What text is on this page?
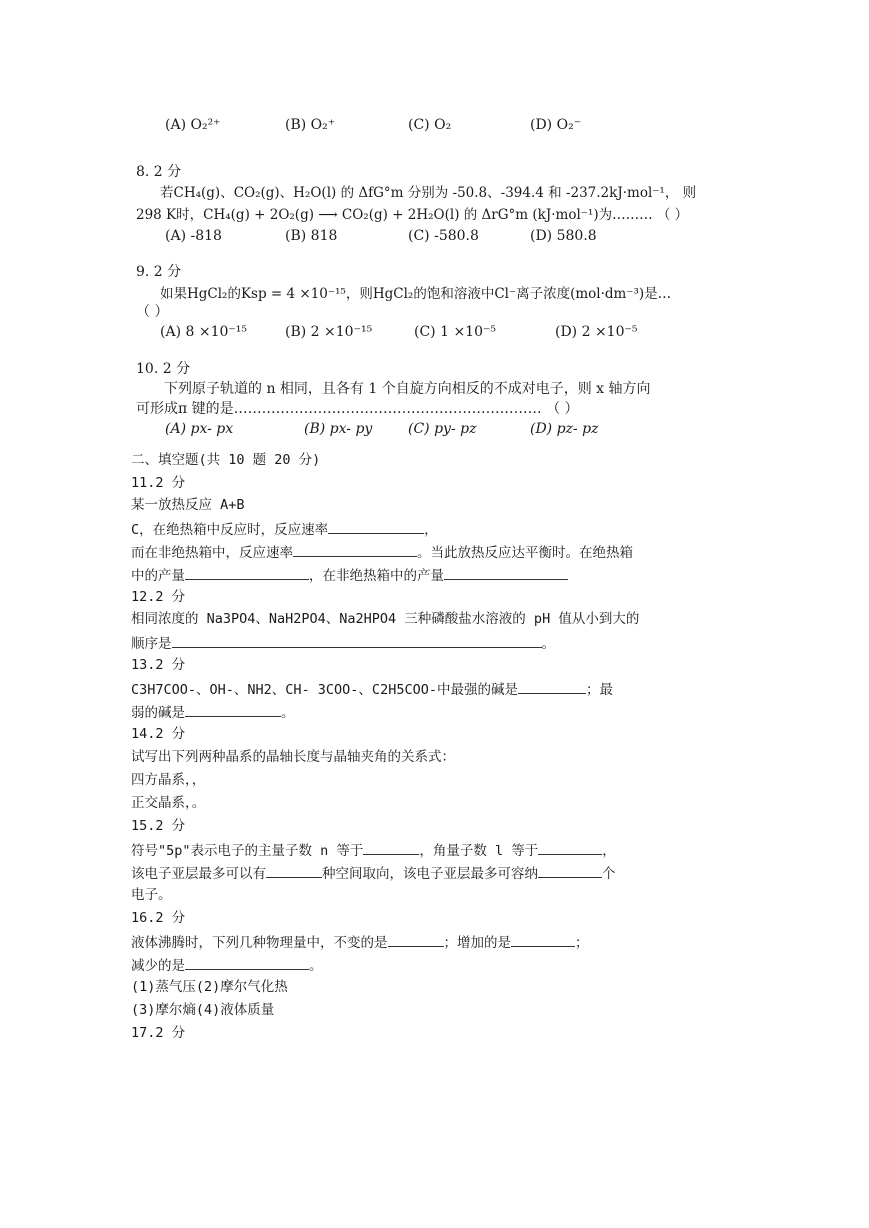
(A) O₂²⁺	(B) O₂⁺	(C) O₂	(D) O₂⁻
8. 2 分
若CH₄(g)、CO₂(g)、H₂O(l) 的 ΔfG°m 分别为 -50.8、-394.4 和 -237.2kJ·mol⁻¹， 则
298 K时，CH₄(g) + 2O₂(g) ⟶ CO₂(g) + 2H₂O(l) 的 ΔrG°m (kJ·mol⁻¹)为……… （ ）
(A) -818	(B) 818	(C) -580.8	(D) 580.8
9. 2 分
如果HgCl₂的Ksp = 4 ×10⁻¹⁵，则HgCl₂的饱和溶液中Cl⁻离子浓度(mol·dm⁻³)是…
（ ）
(A) 8 ×10⁻¹⁵	(B) 2 ×10⁻¹⁵	(C) 1 ×10⁻⁵	(D) 2 ×10⁻⁵
10. 2 分
下列原子轨道的 n 相同，且各有 1 个自旋方向相反的不成对电子，则 x 轴方向
可形成π 键的是………………………………………………………… （ ）
(A) px- px	(B) px- py	(C) py- pz	(D) pz- pz
二、填空题(共 10 题 20 分)
11.2 分
某一放热反应 A+B
C，在绝热箱中反应时，反应速率	，
而在非绝热箱中，反应速率	。当此放热反应达平衡时。在绝热箱
中的产量	，在非绝热箱中的产量
12.2 分
相同浓度的 Na3PO4、NaH2PO4、Na2HPO4 三种磷酸盐水溶液的 pH 值从小到大的
顺序是	。
13.2 分
C3H7COO-、OH-、NH2、CH- 3COO-、C2H5COO-中最强的碱是	；最
弱的碱是	。
14.2 分
试写出下列两种晶系的晶轴长度与晶轴夹角的关系式：
四方晶系，，
正交晶系，。
15.2 分
符号"5p"表示电子的主量子数 n 等于	，角量子数 l 等于	，
该电子亚层最多可以有	种空间取向，该电子亚层最多可容纳	个
电子。
16.2 分
液体沸腾时，下列几种物理量中，不变的是	；增加的是	；
减少的是	。
(1)蒸气压(2)摩尔气化热
(3)摩尔熵(4)液体质量
17.2 分
